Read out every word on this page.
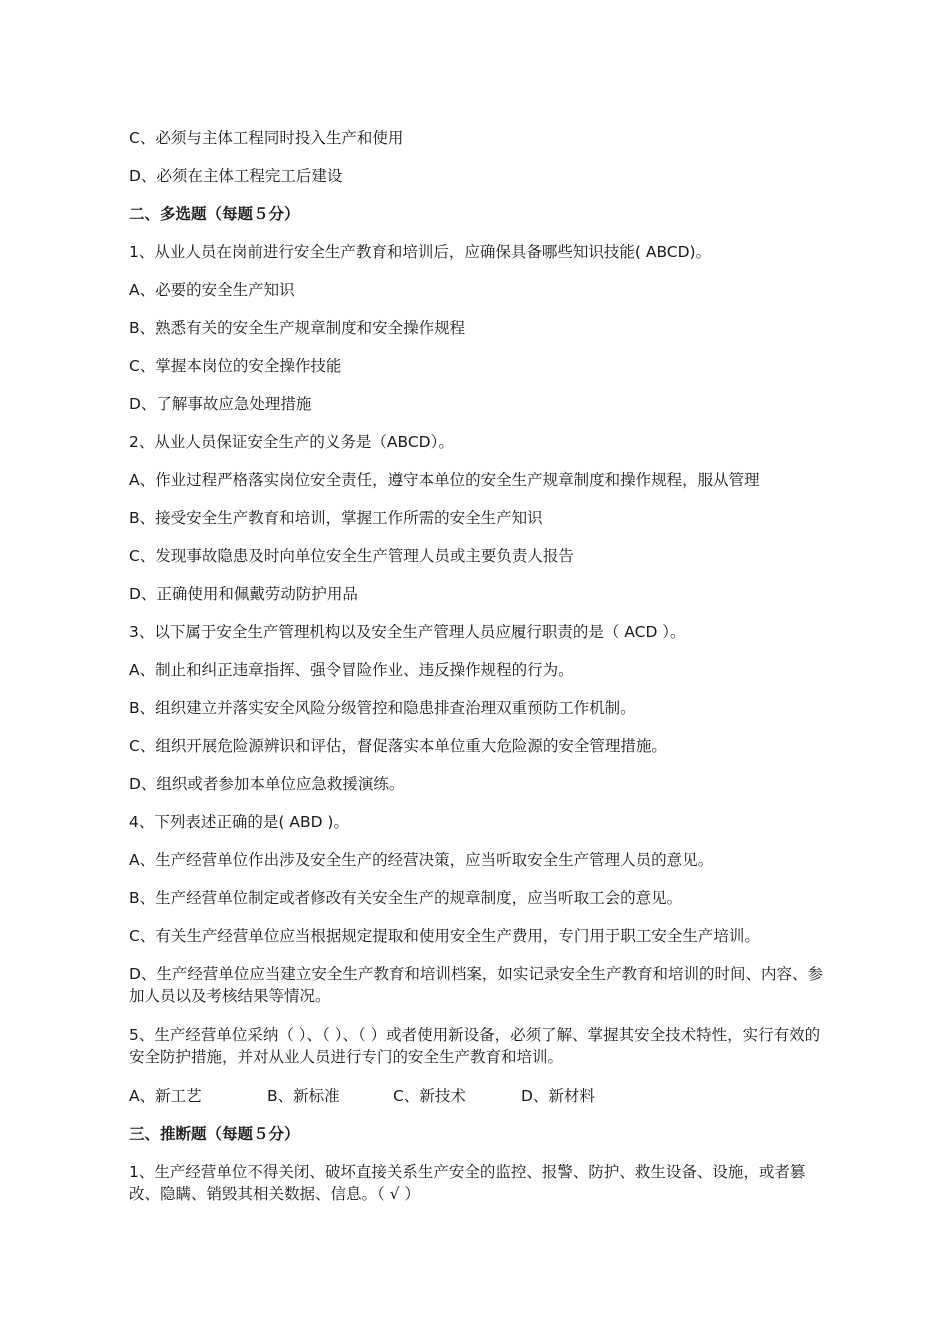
C、必须与主体工程同时投入生产和使用
D、必须在主体工程完工后建设
二、多选题（每题５分）
1、从业人员在岗前进行安全生产教育和培训后，应确保具备哪些知识技能( ABCD)。
A、必要的安全生产知识
B、熟悉有关的安全生产规章制度和安全操作规程
C、掌握本岗位的安全操作技能
D、了解事故应急处理措施
2、从业人员保证安全生产的义务是（ABCD）。
A、作业过程严格落实岗位安全责任，遵守本单位的安全生产规章制度和操作规程，服从管理
B、接受安全生产教育和培训，掌握工作所需的安全生产知识
C、发现事故隐患及时向单位安全生产管理人员或主要负责人报告
D、正确使用和佩戴劳动防护用品
3、以下属于安全生产管理机构以及安全生产管理人员应履行职责的是（ ACD ）。
A、制止和纠正违章指挥、强令冒险作业、违反操作规程的行为。
B、组织建立并落实安全风险分级管控和隐患排查治理双重预防工作机制。
C、组织开展危险源辨识和评估，督促落实本单位重大危险源的安全管理措施。
D、组织或者参加本单位应急救援演练。
4、下列表述正确的是( ABD )。
A、生产经营单位作出涉及安全生产的经营决策，应当听取安全生产管理人员的意见。
B、生产经营单位制定或者修改有关安全生产的规章制度，应当听取工会的意见。
C、有关生产经营单位应当根据规定提取和使用安全生产费用，专门用于职工安全生产培训。
D、生产经营单位应当建立安全生产教育和培训档案，如实记录安全生产教育和培训的时间、内容、参加人员以及考核结果等情况。
5、生产经营单位采纳（ ）、（ ）、（ ）或者使用新设备，必须了解、掌握其安全技术特性，实行有效的安全防护措施，并对从业人员进行专门的安全生产教育和培训。
A、新工艺	B、新标准	C、新技术	D、新材料
三、推断题（每题５分）
1、生产经营单位不得关闭、破坏直接关系生产安全的监控、报警、防护、救生设备、设施，或者篡改、隐瞒、销毁其相关数据、信息。（ √ ）
